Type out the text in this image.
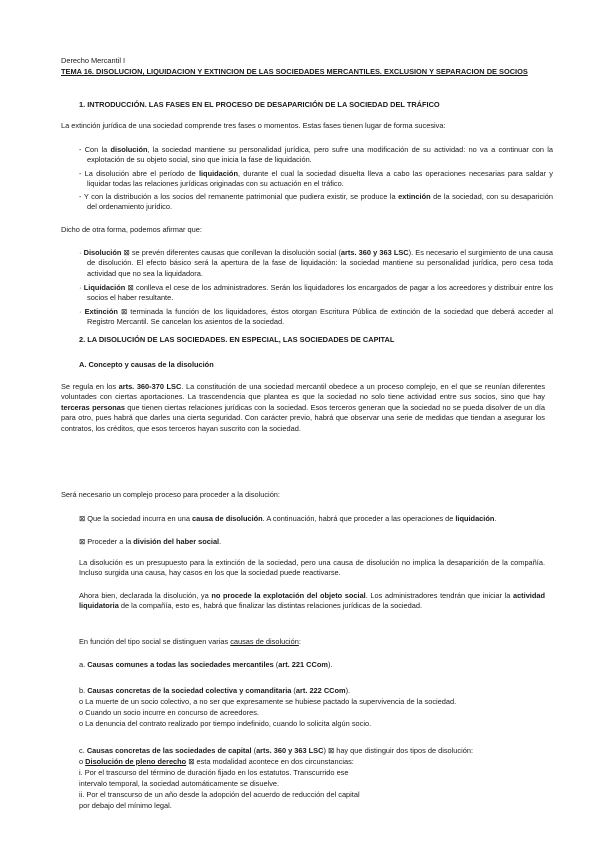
Derecho Mercantil I
TEMA 16. DISOLUCION, LIQUIDACION Y EXTINCION DE LAS SOCIEDADES MERCANTILES. EXCLUSION Y SEPARACION DE SOCIOS
1. INTRODUCCIÓN. LAS FASES EN EL PROCESO DE DESAPARICIÓN DE LA SOCIEDAD DEL TRÁFICO
La extinción jurídica de una sociedad comprende tres fases o momentos. Estas fases tienen lugar de forma sucesiva:
- Con la disolución, la sociedad mantiene su personalidad jurídica, pero sufre una modificación de su actividad: no va a continuar con la explotación de su objeto social, sino que inicia la fase de liquidación.
- La disolución abre el período de liquidación, durante el cual la sociedad disuelta lleva a cabo las operaciones necesarias para saldar y liquidar todas las relaciones jurídicas originadas con su actuación en el tráfico.
- Y con la distribución a los socios del remanente patrimonial que pudiera existir, se produce la extinción de la sociedad, con su desaparición del ordenamiento jurídico.
Dicho de otra forma, podemos afirmar que:
· Disolución ⊠ se prevén diferentes causas que conllevan la disolución social (arts. 360 y 363 LSC). Es necesario el surgimiento de una causa de disolución. El efecto básico será la apertura de la fase de liquidación: la sociedad mantiene su personalidad jurídica, pero cesa toda actividad que no sea la liquidadora.
· Liquidación ⊠ conlleva el cese de los administradores. Serán los liquidadores los encargados de pagar a los acreedores y distribuir entre los socios el haber resultante.
· Extinción ⊠ terminada la función de los liquidadores, éstos otorgan Escritura Pública de extinción de la sociedad que deberá acceder al Registro Mercantil. Se cancelan los asientos de la sociedad.
2. LA DISOLUCIÓN DE LAS SOCIEDADES. EN ESPECIAL, LAS SOCIEDADES DE CAPITAL
A. Concepto y causas de la disolución
Se regula en los arts. 360-370 LSC. La constitución de una sociedad mercantil obedece a un proceso complejo, en el que se reunían diferentes voluntades con ciertas aportaciones. La trascendencia que plantea es que la sociedad no solo tiene actividad entre sus socios, sino que hay terceras personas que tienen ciertas relaciones jurídicas con la sociedad. Esos terceros generan que la sociedad no se pueda disolver de un día para otro, pues habrá que darles una cierta seguridad. Con carácter previo, habrá que observar una serie de medidas que tiendan a asegurar los contratos, los créditos, que esos terceros hayan suscrito con la sociedad.
Será necesario un complejo proceso para proceder a la disolución:
⊠ Que la sociedad incurra en una causa de disolución. A continuación, habrá que proceder a las operaciones de liquidación.
⊠ Proceder a la división del haber social.
La disolución es un presupuesto para la extinción de la sociedad, pero una causa de disolución no implica la desaparición de la compañía. Incluso surgida una causa, hay casos en los que la sociedad puede reactivarse.
Ahora bien, declarada la disolución, ya no procede la explotación del objeto social. Los administradores tendrán que iniciar la actividad liquidatoria de la compañía, esto es, habrá que finalizar las distintas relaciones jurídicas de la sociedad.
En función del tipo social se distinguen varias causas de disolución:
a. Causas comunes a todas las sociedades mercantiles (art. 221 CCom).
b. Causas concretas de la sociedad colectiva y comanditaria (art. 222 CCom).
o La muerte de un socio colectivo, a no ser que expresamente se hubiese pactado la supervivencia de la sociedad.
o Cuando un socio incurre en concurso de acreedores.
o La denuncia del contrato realizado por tiempo indefinido, cuando lo solicita algún socio.
c. Causas concretas de las sociedades de capital (arts. 360 y 363 LSC) ⊠ hay que distinguir dos tipos de disolución:
o Disolución de pleno derecho ⊠ esta modalidad acontece en dos circunstancias:
i. Por el trascurso del término de duración fijado en los estatutos. Transcurrido ese
intervalo temporal, la sociedad automáticamente se disuelve.
ii. Por el transcurso de un año desde la adopción del acuerdo de reducción del capital
por debajo del mínimo legal.
